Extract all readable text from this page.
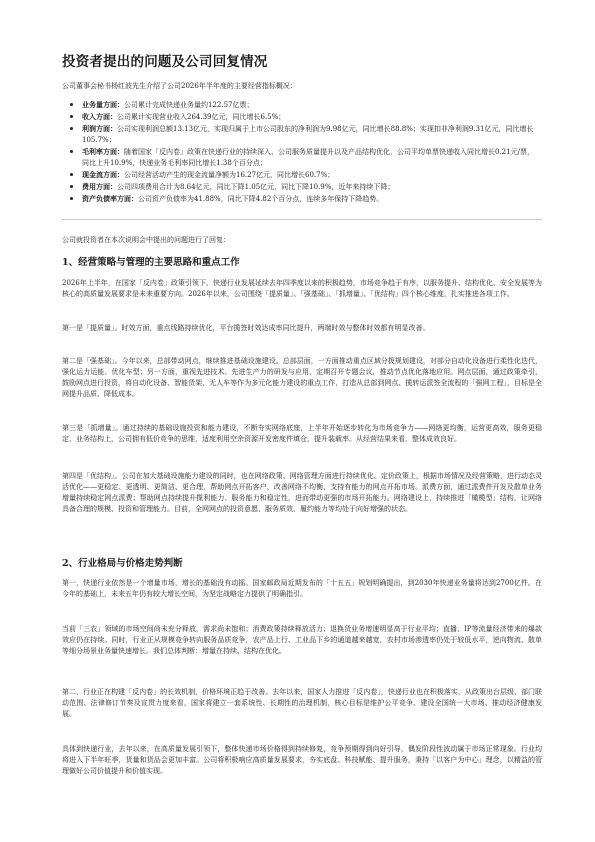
投资者提出的问题及公司回复情况
公司董事会秘书杨红波先生介绍了公司2026年半年度的主要经营指标概况：
业务量方面：公司累计完成快递业务量约122.57亿票；
收入方面：公司累计实现营业收入264.39亿元，同比增长6.5%；
利润方面：公司实现利润总额13.13亿元，实现归属于上市公司股东的净利润为9.98亿元，同比增长88.8%；实现扣非净利润9.31亿元，同比增长105.7%；
毛利率方面：随着国家「反内卷」政策在快递行业的持续深入、公司服务质量提升以及产品结构优化，公司平均单票快递收入同比增长0.21元/票，同比上升10.9%，快递业务毛利率同比增长1.38个百分点；
现金流方面：公司经营活动产生的现金流量净额为16.27亿元，同比增长60.7%；
费用方面：公司四项费用合计为8.64亿元，同比下降1.05亿元，同比下降10.9%，近年来持续下降；
资产负债率方面：公司资产负债率为41.88%，同比下降4.82个百分点，连续多年保持下降趋势。
公司就投资者在本次说明会中提出的问题进行了回复：
1、经营策略与管理的主要思路和重点工作

2026年上半年，在国家「反内卷」政策引领下，快递行业发展延续去年四季度以来的积极趋势，市场竞争趋于有序，以服务提升、结构优化、安全发展等为核心的高质量发展要求是未来重要方向。2026年以来，公司围绕「提质量」、「强基础」、「抓增量」、「优结构」四个核心维度，扎实推进各项工作。

第一是「提质量」。时效方面，重点线路持续优化，平台揽签时效达成率同比提升，两端时效与整体时效都有明显改善。

第二是「强基础」。今年以来，总部带动网点，继续推进基础设施建设。总部层面，一方面推动重点区域分拨规划建设，对部分自动化设备进行柔性化迭代，强化运力运能、优化车型；另一方面，重视先进技术、先进生产力的研发与应用，定期召开专题会议，推动节点优化落地应用。网点层面，通过政策牵引，鼓励网点进行投资，将自动化设备、智能货架、无人车等作为多元化能力建设的重点工作，打造从总部到网点、揽转运派签全流程的「强网工程」，目标是全网提升品质、降低成本。

第三是「抓增量」。通过持续的基础设施投资和能力建设，不断夯实网络底座，上半年开始逐步转化为市场竞争力——网络更均衡，运营更高效，服务更稳定，业务结构上，公司拥有低价竞争的思维，适度利用空余资源开发密度件填仓，提升装载率。从经营结果来看，整体成效良好。

第四是「优结构」。公司在加大基础设施能力建设的同时，也在网络政策、网络管理方面进行持续优化。定价政策上，根据市场情况及经营策略，进行动态灵活优化——更稳定、更透明、更简洁、更合理，帮助网点开拓客户，改善网络不均衡，支持有能力的网点开拓市场。派费方面，通过派费件开发及散单业务增量持续稳定网点派费；帮助网点持续提升揽利能力、服务能力和稳定性，进而带动更强的市场开拓能力。网络建设上，持续推进「橄榄型」结构，让网络具备合理的规模、投资和管理能力。目前，全网网点的投资意愿、服务质效、履约能力等均处于向好增强的状态。

2、行业格局与价格走势判断

第一，快递行业依然是一个增量市场，增长的基础没有动摇。国家邮政局近期发布的「十五五」规划明确提出，到2030年快递业务量将达到2700亿件。在今年的基础上，未来五年仍有较大增长空间，为坚定战略定力提供了明确指引。

当前「三农」领域的市场空间尚未充分释放，需求尚未饱和；消费政策持续释放活力；退换货业务增速明显高于行业平均；直播、IP等流量经济带来的爆款效应仍在持续。同时，行业正从规模竞争转向服务品质竞争，农产品上行、工业品下乡的通道越来越宽，农村市场渗透率仍处于较低水平，逆向物流、散单等细分场景业务量快速增长。我们总体判断：增量在持续、结构在优化。

第二，行业正在构建「反内卷」的长效机制，价格环境正趋于改善。去年以来，国家人力推进「反内卷」，快递行业也在积极落实，从政策出台层级、部门联动范围、法律修订节奏及宣贯力度来看，国家将建立一套系统性、长期性的治理机制，核心目标是维护公平竞争、建设全国统一大市场、推动经济健康发展。

具体到快递行业，去年以来，在高质量发展引领下，整体快递市场价格得到持续修复，竞争预期得到向好引导，偶发阶段性波动属于市场正常现象。行业均将进入下半年旺季，货量和货品会更加丰富。公司将积极响应高质量发展要求，夯实底盘、科技赋能、提升服务，秉持「以客户为中心」理念，以精益的管理做好公司价值提升和价值实现。
